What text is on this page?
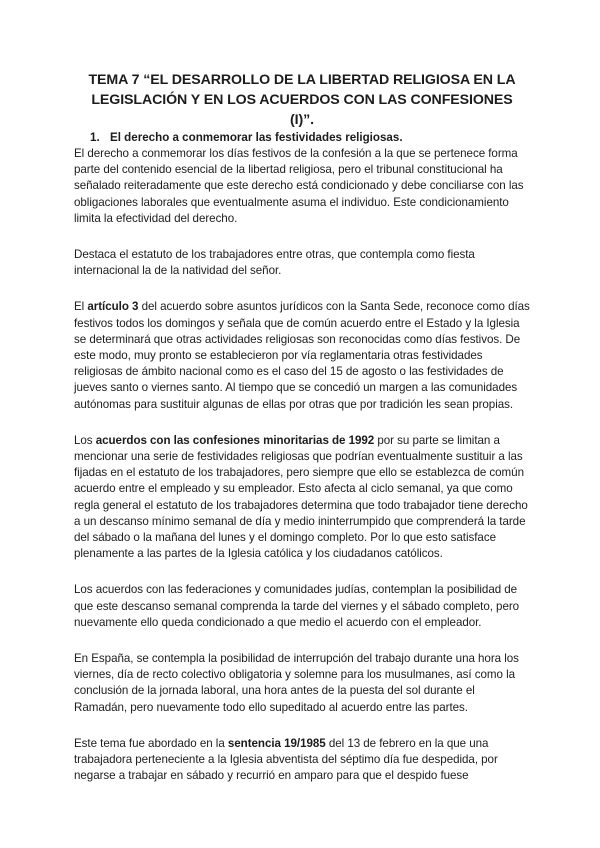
TEMA 7 “EL DESARROLLO DE LA LIBERTAD RELIGIOSA EN LA LEGISLACIÓN Y EN LOS ACUERDOS CON LAS CONFESIONES (I)”.
1. El derecho a conmemorar las festividades religiosas.

El derecho a conmemorar los días festivos de la confesión a la que se pertenece forma parte del contenido esencial de la libertad religiosa, pero el tribunal constitucional ha señalado reiteradamente que este derecho está condicionado y debe conciliarse con las obligaciones laborales que eventualmente asuma el individuo. Este condicionamiento limita la efectividad del derecho.

Destaca el estatuto de los trabajadores entre otras, que contempla como fiesta internacional la de la natividad del señor.

El artículo 3 del acuerdo sobre asuntos jurídicos con la Santa Sede, reconoce como días festivos todos los domingos y señala que de común acuerdo entre el Estado y la Iglesia se determinará que otras actividades religiosas son reconocidas como días festivos. De este modo, muy pronto se establecieron por vía reglamentaria otras festividades religiosas de ámbito nacional como es el caso del 15 de agosto o las festividades de jueves santo o viernes santo. Al tiempo que se concedió un margen a las comunidades autónomas para sustituir algunas de ellas por otras que por tradición les sean propias.

Los acuerdos con las confesiones minoritarias de 1992 por su parte se limitan a mencionar una serie de festividades religiosas que podrían eventualmente sustituir a las fijadas en el estatuto de los trabajadores, pero siempre que ello se establezca de común acuerdo entre el empleado y su empleador. Esto afecta al ciclo semanal, ya que como regla general el estatuto de los trabajadores determina que todo trabajador tiene derecho a un descanso mínimo semanal de día y medio ininterrumpido que comprenderá la tarde del sábado o la mañana del lunes y el domingo completo. Por lo que esto satisface plenamente a las partes de la Iglesia católica y los ciudadanos católicos.

Los acuerdos con las federaciones y comunidades judías, contemplan la posibilidad de que este descanso semanal comprenda la tarde del viernes y el sábado completo, pero nuevamente ello queda condicionado a que medio el acuerdo con el empleador.

En España, se contempla la posibilidad de interrupción del trabajo durante una hora los viernes, día de recto colectivo obligatoria y solemne para los musulmanes, así como la conclusión de la jornada laboral, una hora antes de la puesta del sol durante el Ramadán, pero nuevamente todo ello supeditado al acuerdo entre las partes.

Este tema fue abordado en la sentencia 19/1985 del 13 de febrero en la que una trabajadora perteneciente a la Iglesia abventista del séptimo día fue despedida, por negarse a trabajar en sábado y recurrió en amparo para que el despido fuese
